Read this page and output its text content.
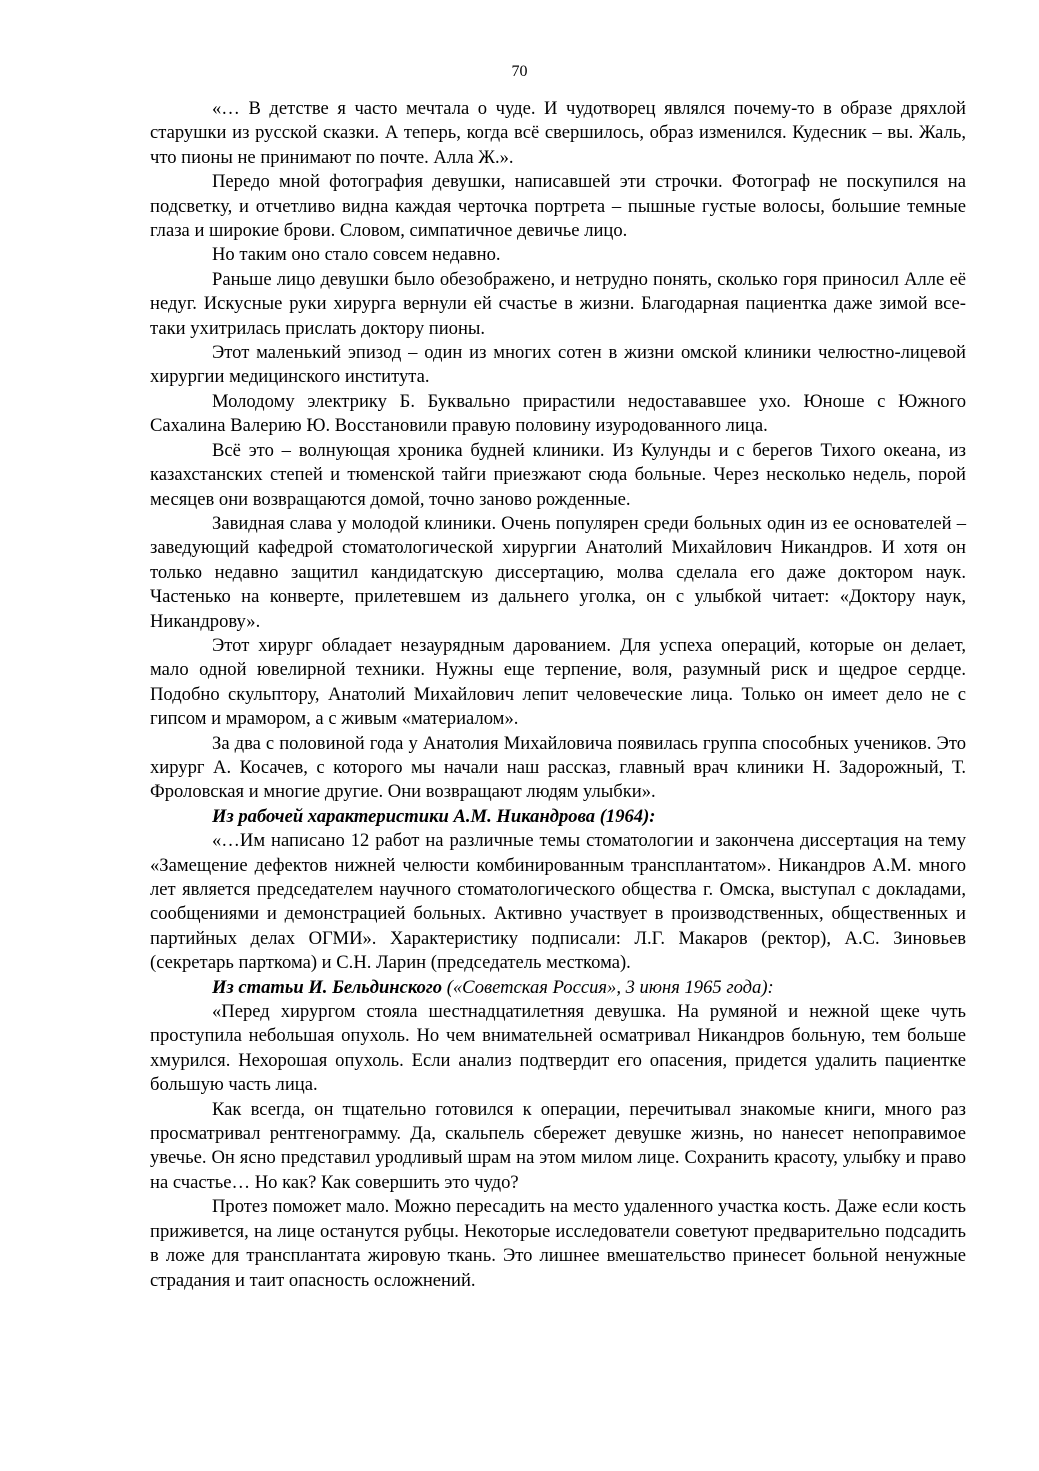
70

«… В детстве я часто мечтала о чуде. И чудотворец являлся почему-то в образе дряхлой старушки из русской сказки. А теперь, когда всё свершилось, образ изменился. Кудесник – вы. Жаль, что пионы не принимают по почте. Алла Ж.».

Передо мной фотография девушки, написавшей эти строчки. Фотограф не поскупился на подсветку, и отчетливо видна каждая черточка портрета – пышные густые волосы, большие темные глаза и широкие брови. Словом, симпатичное девичье лицо.

Но таким оно стало совсем недавно.

Раньше лицо девушки было обезображено, и нетрудно понять, сколько горя приносил Алле её недуг. Искусные руки хирурга вернули ей счастье в жизни. Благодарная пациентка даже зимой все-таки ухитрилась прислать доктору пионы.

Этот маленький эпизод – один из многих сотен в жизни омской клиники челюстно-лицевой хирургии медицинского института.

Молодому электрику Б. Буквально прирастили недостававшее ухо. Юноше с Южного Сахалина Валерию Ю. Восстановили правую половину изуродованного лица.

Всё это – волнующая хроника будней клиники. Из Кулунды и с берегов Тихого океана, из казахстанских степей и тюменской тайги приезжают сюда больные. Через несколько недель, порой месяцев они возвращаются домой, точно заново рожденные.

Завидная слава у молодой клиники. Очень популярен среди больных один из ее основателей – заведующий кафедрой стоматологической хирургии Анатолий Михайлович Никандров. И хотя он только недавно защитил кандидатскую диссертацию, молва сделала его даже доктором наук. Частенько на конверте, прилетевшем из дальнего уголка, он с улыбкой читает: «Доктору наук, Никандрову».

Этот хирург обладает незаурядным дарованием. Для успеха операций, которые он делает, мало одной ювелирной техники. Нужны еще терпение, воля, разумный риск и щедрое сердце. Подобно скульптору, Анатолий Михайлович лепит человеческие лица. Только он имеет дело не с гипсом и мрамором, а с живым «материалом».

За два с половиной года у Анатолия Михайловича появилась группа способных учеников. Это хирург А. Косачев, с которого мы начали наш рассказ, главный врач клиники Н. Задорожный, Т. Фроловская и многие другие. Они возвращают людям улыбки».

Из рабочей характеристики А.М. Никандрова (1964):

«…Им написано 12 работ на различные темы стоматологии и закончена диссертация на тему «Замещение дефектов нижней челюсти комбинированным трансплантатом». Никандров А.М. много лет является председателем научного стоматологического общества г. Омска, выступал с докладами, сообщениями и демонстрацией больных. Активно участвует в производственных, общественных и партийных делах ОГМИ». Характеристику подписали: Л.Г. Макаров (ректор), А.С. Зиновьев (секретарь парткома) и С.Н. Ларин (председатель месткома).

Из статьи И. Бельдинского («Советская Россия», 3 июня 1965 года):

«Перед хирургом стояла шестнадцатилетняя девушка. На румяной и нежной щеке чуть проступила небольшая опухоль. Но чем внимательней осматривал Никандров больную, тем больше хмурился. Нехорошая опухоль. Если анализ подтвердит его опасения, придется удалить пациентке большую часть лица.

Как всегда, он тщательно готовился к операции, перечитывал знакомые книги, много раз просматривал рентгенограмму. Да, скальпель сбережет девушке жизнь, но нанесет непоправимое увечье. Он ясно представил уродливый шрам на этом милом лице. Сохранить красоту, улыбку и право на счастье… Но как? Как совершить это чудо?

Протез поможет мало. Можно пересадить на место удаленного участка кость. Даже если кость приживется, на лице останутся рубцы. Некоторые исследователи советуют предварительно подсадить в ложе для трансплантата жировую ткань. Это лишнее вмешательство принесет больной ненужные страдания и таит опасность осложнений.
